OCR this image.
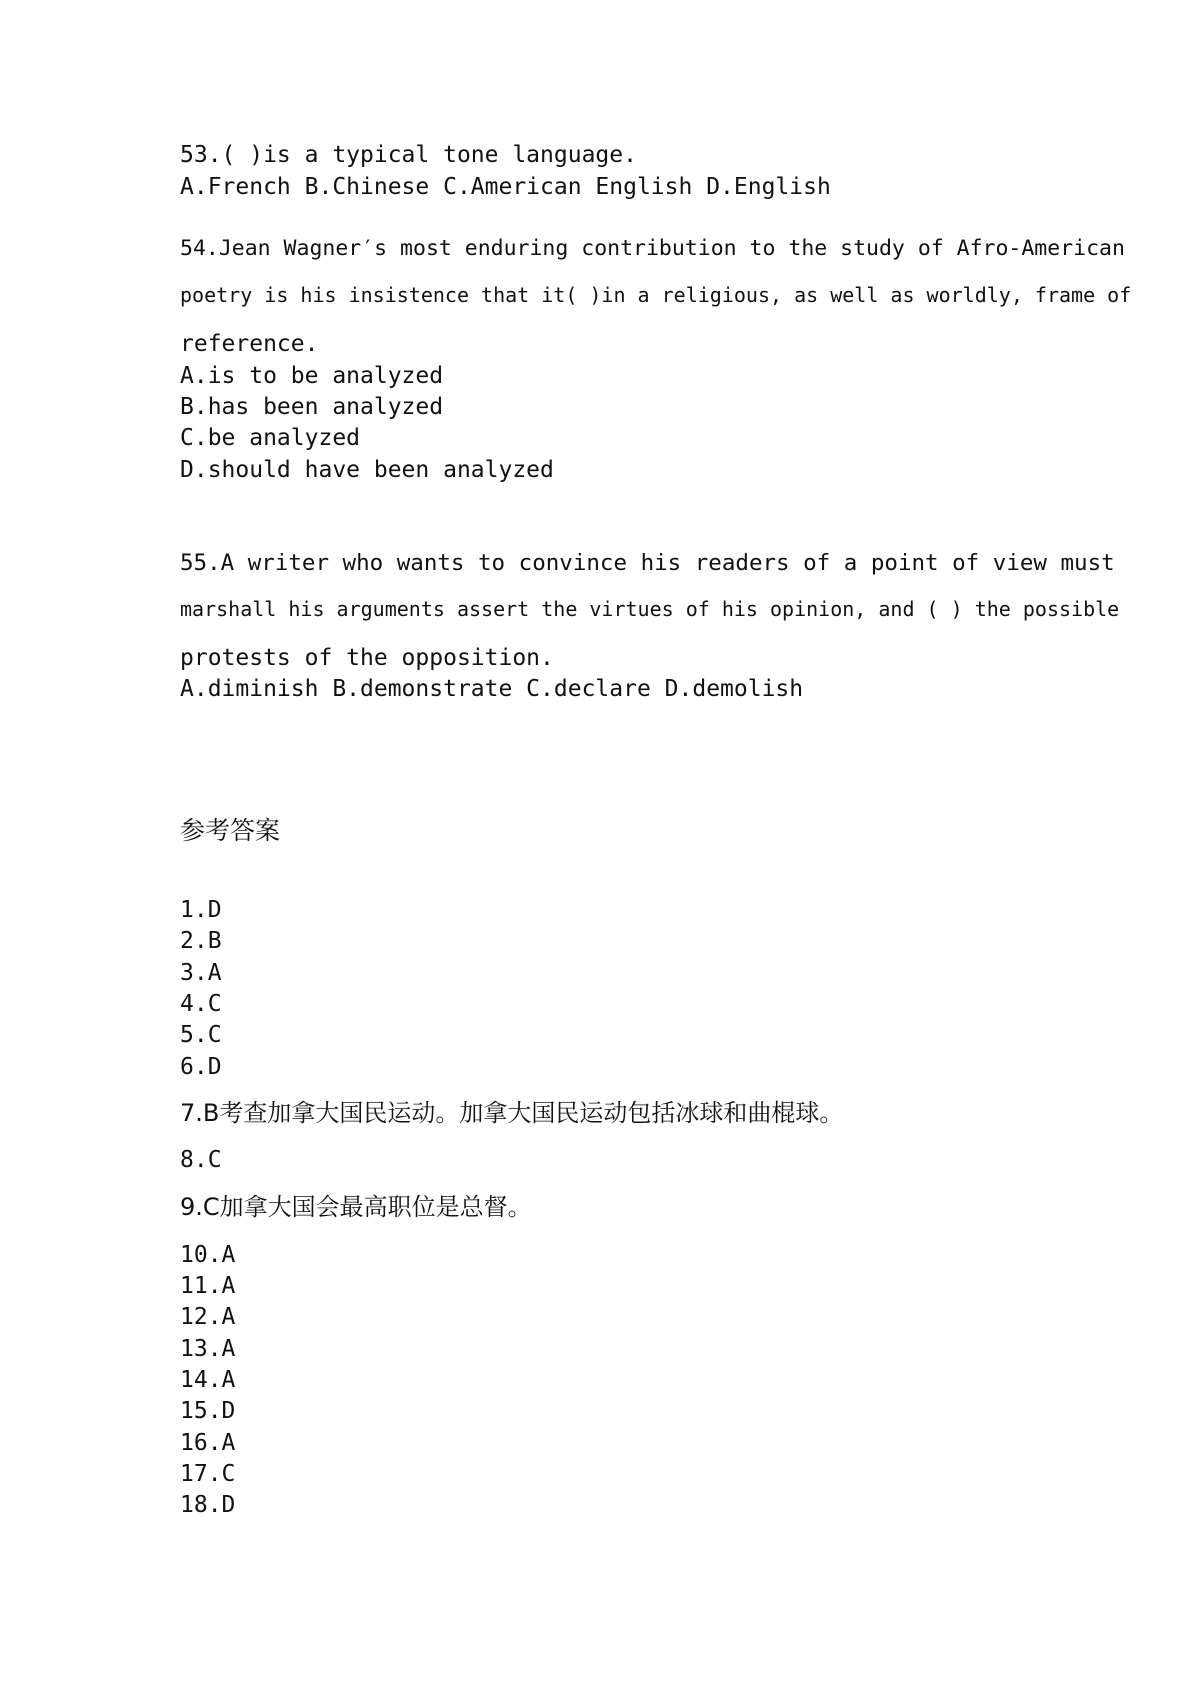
53.( )is a typical tone language.
A.French B.Chinese C.American English D.English
54.Jean Wagner′s most enduring contribution to the study of Afro-American
poetry is his insistence that it( )in a religious, as well as worldly, frame of
reference.
A.is to be analyzed
B.has been analyzed
C.be analyzed
D.should have been analyzed
55.A writer who wants to convince his readers of a point of view must
marshall his arguments assert the virtues of his opinion, and ( ) the possible
protests of the opposition.
A.diminish B.demonstrate C.declare D.demolish
参考答案
1.D
2.B
3.A
4.C
5.C
6.D
7.B考查加拿大国民运动。加拿大国民运动包括冰球和曲棍球。
8.C
9.C加拿大国会最高职位是总督。
10.A
11.A
12.A
13.A
14.A
15.D
16.A
17.C
18.D
